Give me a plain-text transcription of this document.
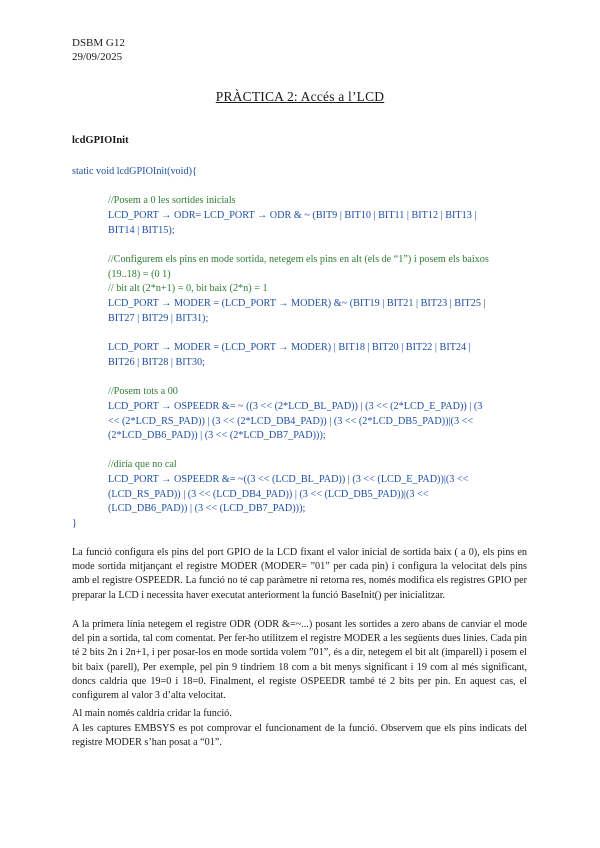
DSBM G12
29/09/2025
PRÀCTICA 2: Accés a l’LCD
lcdGPIOInit
static void lcdGPIOInit(void){
//Posem a 0 les sortides inicials
LCD_PORT → ODR= LCD_PORT → ODR & ~ (BIT9 | BIT10 | BIT11 | BIT12 | BIT13 |
BIT14 | BIT15);
//Configurem els pins en mode sortida, netegem els pins en alt (els de “1”) i posem els baixos
(19..18) = (0 1)
// bit alt (2*n+1) = 0, bit baix (2*n) = 1
LCD_PORT → MODER = (LCD_PORT → MODER) &~ (BIT19 | BIT21 | BIT23 | BIT25 |
BIT27 | BIT29 | BIT31);
LCD_PORT → MODER = (LCD_PORT → MODER) | BIT18 | BIT20 | BIT22 | BIT24 |
BIT26 | BIT28 | BIT30;
//Posem tots a 00
LCD_PORT → OSPEEDR &= ~ ((3 << (2*LCD_BL_PAD)) | (3 << (2*LCD_E_PAD)) | (3
<< (2*LCD_RS_PAD)) | (3 << (2*LCD_DB4_PAD)) | (3 << (2*LCD_DB5_PAD))|(3 <<
(2*LCD_DB6_PAD)) | (3 << (2*LCD_DB7_PAD)));
//diria que no cal
LCD_PORT → OSPEEDR &= ~((3 << (LCD_BL_PAD)) | (3 << (LCD_E_PAD))|(3 <<
(LCD_RS_PAD)) | (3 << (LCD_DB4_PAD)) | (3 << (LCD_DB5_PAD))|(3 <<
(LCD_DB6_PAD)) | (3 << (LCD_DB7_PAD)));
}
La funció configura els pins del port GPIO de la LCD fixant el valor inicial de sortida baix ( a 0), els pins en mode sortida mitjançant el registre MODER (MODER= ”01” per cada pin) i configura la velocitat dels pins amb el registre OSPEEDR. La funció no té cap paràmetre ni retorna res, només modifica els registres GPIO per preparar la LCD i necessita haver executat anteriorment la funció BaseInit() per inicialitzar.
A la primera línia netegem el registre ODR (ODR &=~...) posant les sortides a zero abans de canviar el mode del pin a sortida, tal com comentat. Per fer-ho utilitzem el registre MODER a les següents dues línies. Cada pin té 2 bits 2n i 2n+1, i per posar-los en mode sortida volem ”01”, és a dir, netegem el bit alt (imparell) i posem el bit baix (parell), Per exemple, pel pin 9 tindriem 18 com a bit menys significant i 19 com al més significant, doncs caldria que 19=0 i 18=0. Finalment, el registe OSPEEDR també té 2 bits per pin. En aquest cas, el configurem al valor 3 d’alta velocitat.
Al main només caldria cridar la funció.
A les captures EMBSYS es pot comprovar el funcionament de la funció. Observem que els pins indicats del registre MODER s’han posat a “01”.
